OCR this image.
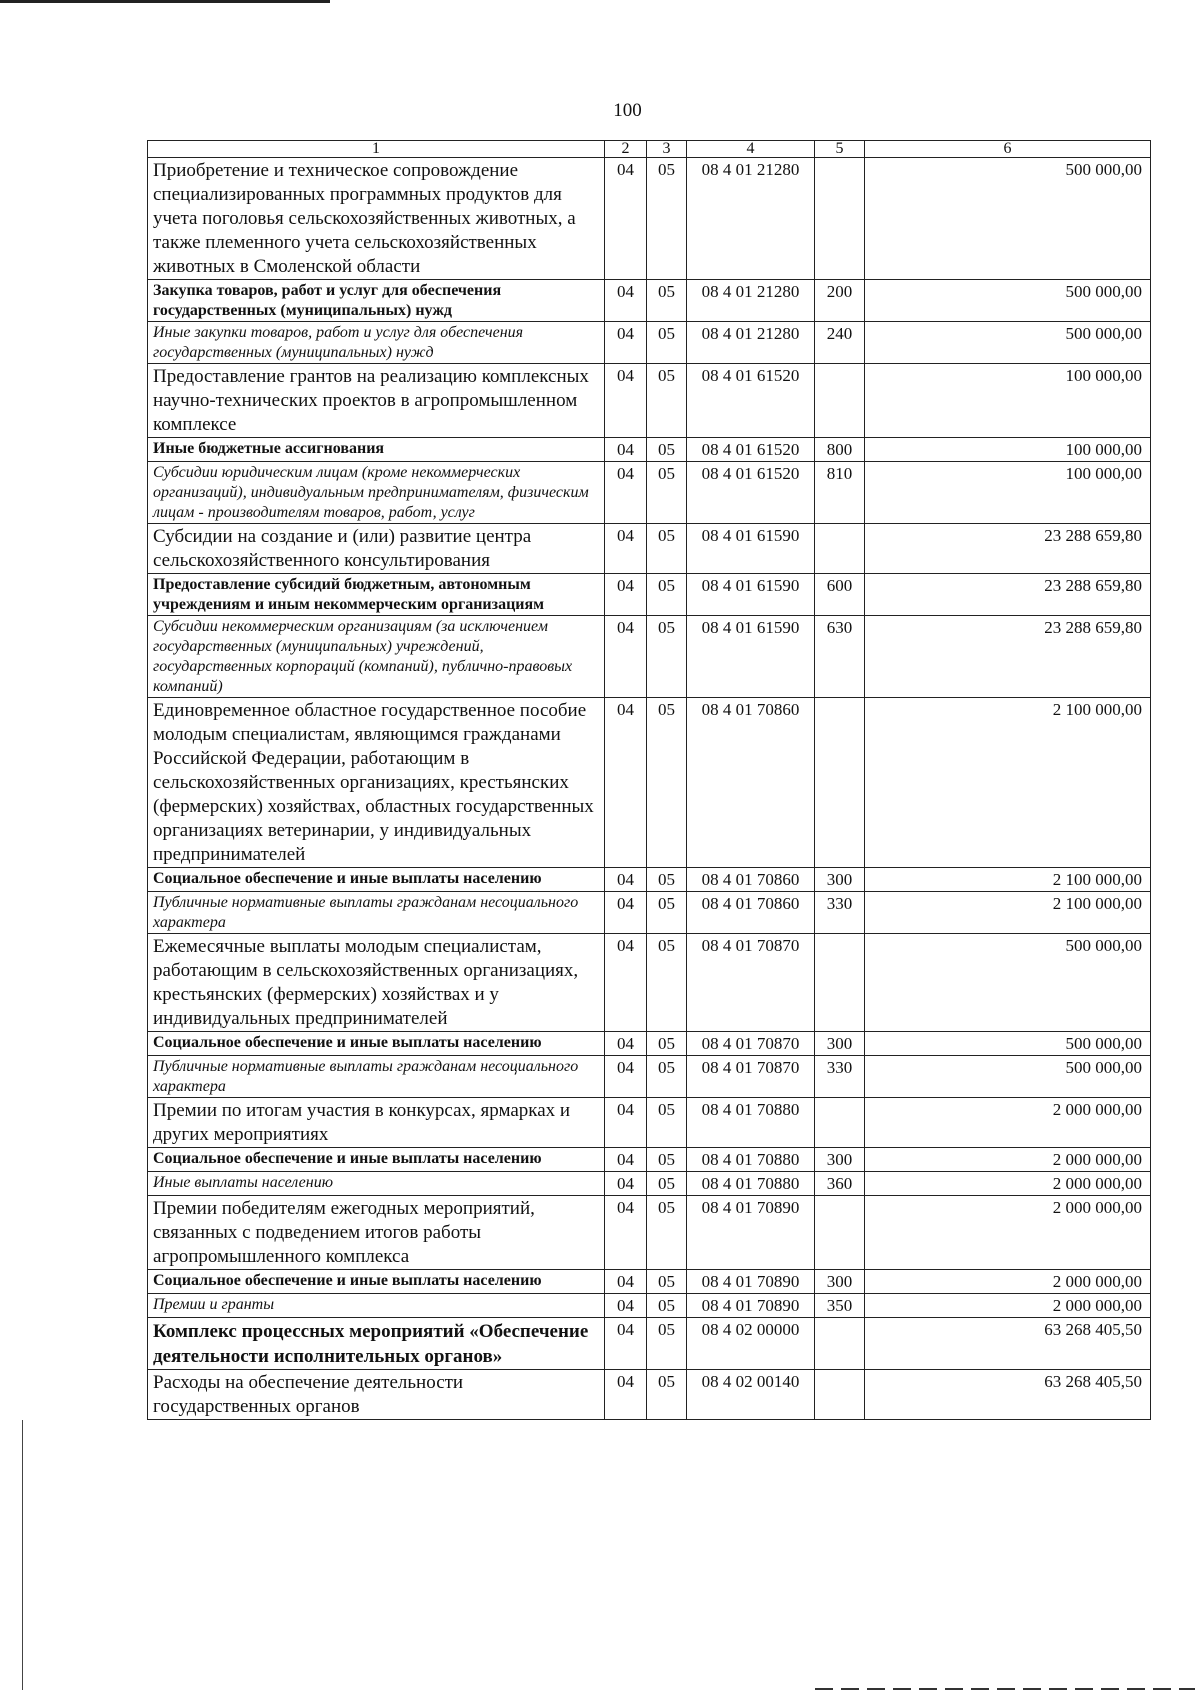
100
1	2	3	4	5	6
Приобретение и техническое сопровождение специализированных программных продуктов для учета поголовья сельскохозяйственных животных, а также племенного учета сельскохозяйственных животных в Смоленской области	04	05	08 4 01 21280		500 000,00
Закупка товаров, работ и услуг для обеспечения государственных (муниципальных) нужд	04	05	08 4 01 21280	200	500 000,00
Иные закупки товаров, работ и услуг для обеспечения государственных (муниципальных) нужд	04	05	08 4 01 21280	240	500 000,00
Предоставление грантов на реализацию комплексных научно-технических проектов в агропромышленном комплексе	04	05	08 4 01 61520		100 000,00
Иные бюджетные ассигнования	04	05	08 4 01 61520	800	100 000,00
Субсидии юридическим лицам (кроме некоммерческих организаций), индивидуальным предпринимателям, физическим лицам - производителям товаров, работ, услуг	04	05	08 4 01 61520	810	100 000,00
Субсидии на создание и (или) развитие центра сельскохозяйственного консультирования	04	05	08 4 01 61590		23 288 659,80
Предоставление субсидий бюджетным, автономным учреждениям и иным некоммерческим организациям	04	05	08 4 01 61590	600	23 288 659,80
Субсидии некоммерческим организациям (за исключением государственных (муниципальных) учреждений, государственных корпораций (компаний), публично-правовых компаний)	04	05	08 4 01 61590	630	23 288 659,80
Единовременное областное государственное пособие молодым специалистам, являющимся гражданами Российской Федерации, работающим в сельскохозяйственных организациях, крестьянских (фермерских) хозяйствах, областных государственных организациях ветеринарии, у индивидуальных предпринимателей	04	05	08 4 01 70860		2 100 000,00
Социальное обеспечение и иные выплаты населению	04	05	08 4 01 70860	300	2 100 000,00
Публичные нормативные выплаты гражданам несоциального характера	04	05	08 4 01 70860	330	2 100 000,00
Ежемесячные выплаты молодым специалистам, работающим в сельскохозяйственных организациях, крестьянских (фермерских) хозяйствах и у индивидуальных предпринимателей	04	05	08 4 01 70870		500 000,00
Социальное обеспечение и иные выплаты населению	04	05	08 4 01 70870	300	500 000,00
Публичные нормативные выплаты гражданам несоциального характера	04	05	08 4 01 70870	330	500 000,00
Премии по итогам участия в конкурсах, ярмарках и других мероприятиях	04	05	08 4 01 70880		2 000 000,00
Социальное обеспечение и иные выплаты населению	04	05	08 4 01 70880	300	2 000 000,00
Иные выплаты населению	04	05	08 4 01 70880	360	2 000 000,00
Премии победителям ежегодных мероприятий, связанных с подведением итогов работы агропромышленного комплекса	04	05	08 4 01 70890		2 000 000,00
Социальное обеспечение и иные выплаты населению	04	05	08 4 01 70890	300	2 000 000,00
Премии и гранты	04	05	08 4 01 70890	350	2 000 000,00
Комплекс процессных мероприятий «Обеспечение деятельности исполнительных органов»	04	05	08 4 02 00000		63 268 405,50
Расходы на обеспечение деятельности государственных органов	04	05	08 4 02 00140		63 268 405,50
